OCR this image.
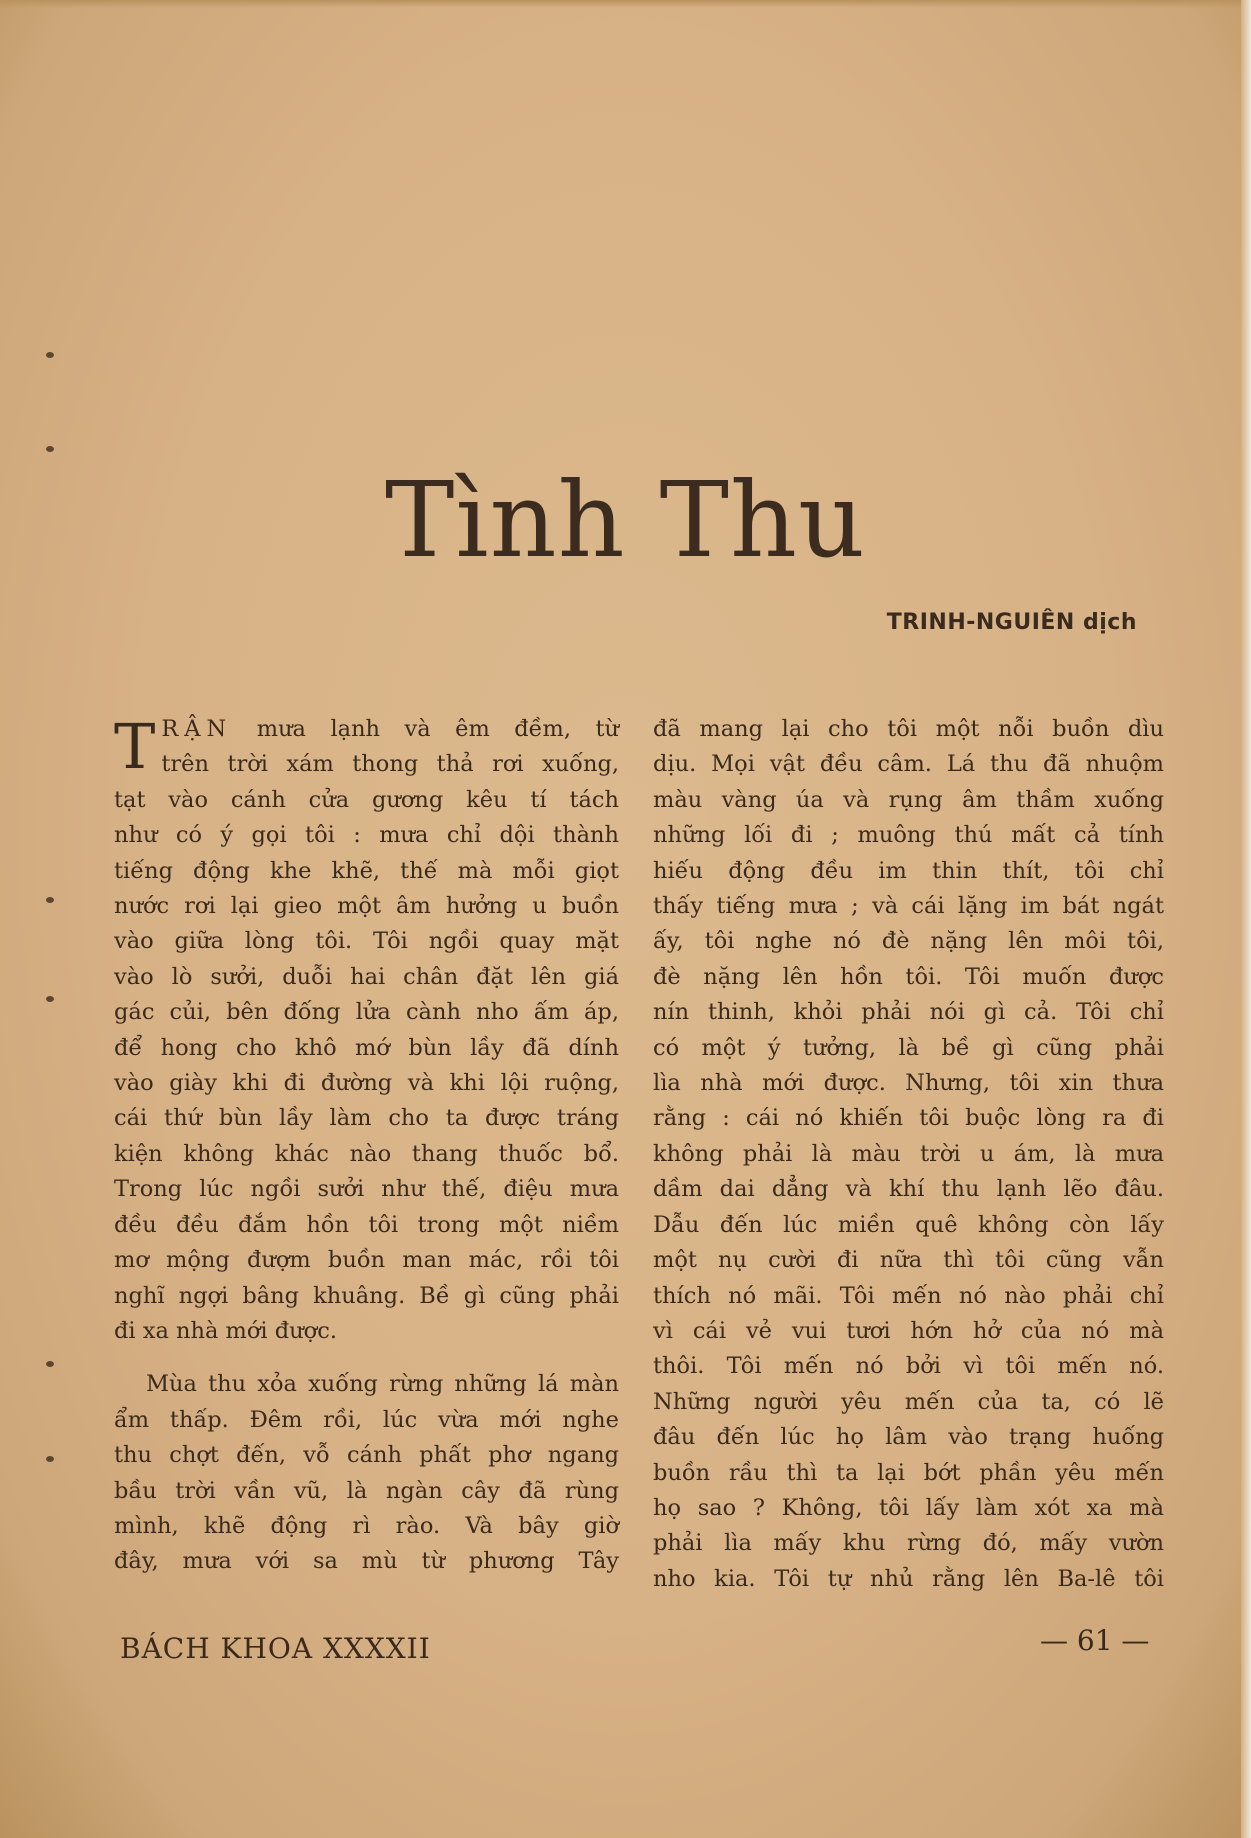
Tình Thu
TRINH-NGUIÊN dịch
T RẬN mưa lạnh và êm đềm, từ
trên trời xám thong thả rơi xuống,
tạt vào cánh cửa gương kêu tí tách
như có ý gọi tôi : mưa chỉ dội thành
tiếng động khe khẽ, thế mà mỗi giọt
nước rơi lại gieo một âm hưởng u buồn
vào giữa lòng tôi. Tôi ngồi quay mặt
vào lò sưởi, duỗi hai chân đặt lên giá
gác củi, bên đống lửa cành nho ấm áp,
để hong cho khô mớ bùn lầy đã dính
vào giày khi đi đường và khi lội ruộng,
cái thứ bùn lầy làm cho ta được tráng
kiện không khác nào thang thuốc bổ.
Trong lúc ngồi sưởi như thế, điệu mưa
đều đều đắm hồn tôi trong một niềm
mơ mộng đượm buồn man mác, rồi tôi
nghĩ ngợi bâng khuâng. Bề gì cũng phải
đi xa nhà mới được.
Mùa thu xỏa xuống rừng những lá màn
ẩm thấp. Đêm rồi, lúc vừa mới nghe
thu chợt đến, vỗ cánh phất phơ ngang
bầu trời vần vũ, là ngàn cây đã rùng
mình, khẽ động rì rào. Và bây giờ
đây, mưa với sa mù từ phương Tây
đã mang lại cho tôi một nỗi buồn dìu
dịu. Mọi vật đều câm. Lá thu đã nhuộm
màu vàng úa và rụng âm thầm xuống
những lối đi ; muông thú mất cả tính
hiếu động đều im thin thít, tôi chỉ
thấy tiếng mưa ; và cái lặng im bát ngát
ấy, tôi nghe nó đè nặng lên môi tôi,
đè nặng lên hồn tôi. Tôi muốn được
nín thinh, khỏi phải nói gì cả. Tôi chỉ
có một ý tưởng, là bề gì cũng phải
lìa nhà mới được. Nhưng, tôi xin thưa
rằng : cái nó khiến tôi buộc lòng ra đi
không phải là màu trời u ám, là mưa
dầm dai dẳng và khí thu lạnh lẽo đâu.
Dẫu đến lúc miền quê không còn lấy
một nụ cười đi nữa thì tôi cũng vẫn
thích nó mãi. Tôi mến nó nào phải chỉ
vì cái vẻ vui tươi hớn hở của nó mà
thôi. Tôi mến nó bởi vì tôi mến nó.
Những người yêu mến của ta, có lẽ
đâu đến lúc họ lâm vào trạng huống
buồn rầu thì ta lại bớt phần yêu mến
họ sao ? Không, tôi lấy làm xót xa mà
phải lìa mấy khu rừng đó, mấy vườn
nho kia. Tôi tự nhủ rằng lên Ba-lê tôi
BÁCH KHOA XXXXII	— 61 —
